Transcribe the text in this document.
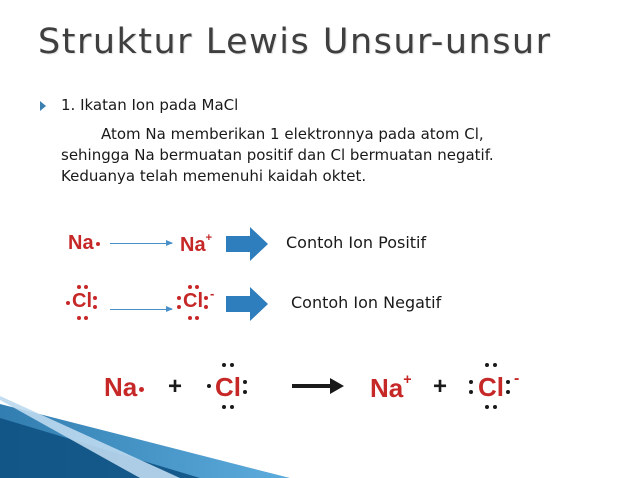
Struktur Lewis Unsur-unsur
1. Ikatan Ion pada MaCl
Atom Na memberikan 1 elektronnya pada atom Cl,
sehingga Na bermuatan positif dan Cl bermuatan negatif.
Keduanya telah memenuhi kaidah oktet.
Na	Na+	Contoh Ion Positif
Cl	Cl -	Contoh Ion Negatif
Na + Cl	Na+ + Cl -
